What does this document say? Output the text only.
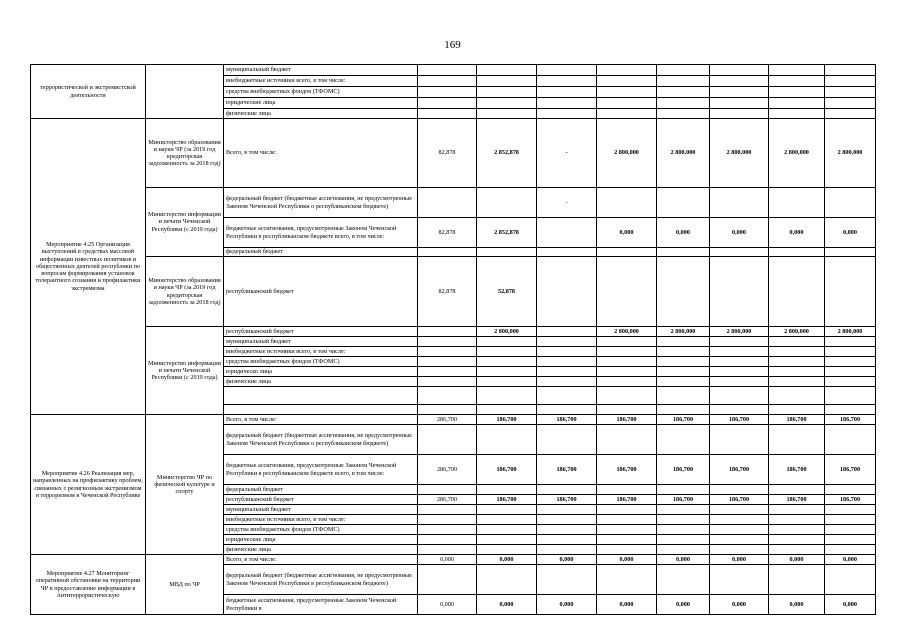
169
террористической и экстремистской деятельности		муниципальный бюджет								
		внебюджетные источники всего, в том числе:								
		средства внебюджетных фондов (ТФОМС)								
		юридические лица								
		физические лица								
Мероприятие 4.25 Организация выступлений в средствах массовой информации известных политиков и общественных деятелей республики по вопросам формирования установок толерантного сознания и профилактики экстремизма	Министерство образования и науки ЧР (за 2019 год кредиторская задолженность за 2018 год)	Всего, в том числе:	82,878	2 852,878	-	2 800,000	2 800,000	2 800,000	2 800,000	2 800,000
	Министерство информации и печати Чеченской Республики (с 2019 года)	федеральный бюджет (бюджетные ассигнования, не предусмотренные Законом Чеченской Республики о республиканском бюджете)			-					
		бюджетные ассигнования, предусмотренные Законом Чеченской Республики в республиканском бюджете всего, в том числе:	82,878	2 852,878		0,000	0,000	0,000	0,000	0,000
		федеральный бюджет								
	Министерство образования и науки ЧР (за 2019 год кредиторская задолженность за 2018 год)	республиканский бюджет	82,878	52,878						
	Министерство информации и печати Чеченской Республики (с 2019 года)	республиканский бюджет		2 800,000		2 800,000	2 800,000	2 800,000	2 800,000	2 800,000
		муниципальный бюджет								
		внебюджетные источники всего, в том числе:								
		средства внебюджетных фондов (ТФОМС)								
		юридическо лица								
		физические лица								

Мероприятие 4.26 Реализация мер, направленных на профилактику проблем, связанных с религиозным экстремизмом и терроризмом в Чеченской Республике	Министерство ЧР по физической культуре и спорту	Всего, в том числе:	286,700	186,700	186,700	186,700	186,700	186,700	186,700	186,700
		федеральный бюджет (бюджетные ассигнования, не предусмотренные Законом Чеченской Республики о республиканском бюджете)								
		бюджетные ассигнования, предусмотренные Законом Чеченской Республики в республиканском бюджете всего, в том числе:	286,700	186,700	186,700	186,700	186,700	186,700	186,700	186,700
		федеральный бюджет								
		республиканский бюджет	286,700	186,700	186,700	186,700	186,700	186,700	186,700	186,700
		муниципальный бюджет								
		внебюджетные источники всего, в том числе:								
		средства внебюджетных фондов (ТФОМС)								
		юридические лица								
		физические лица								
Мероприятие 4.27 Мониторинг оперативной обстановки на территории ЧР в предоставление информации в Антитеррористическую	МВД по ЧР	Всего, в том числе:	0,000	0,000	0,000	0,000	0,000	0,000	0,000	0,000
		федеральный бюджет (бюджетные ассигнования, не предусмотренные Законом Чеченской Республики в республиканском бюджете)								
		бюджетные ассигнования, предусмотренные Законом Чеченской Республики в	0,000	0,000	0,000	0,000	0,000	0,000	0,000	0,000
